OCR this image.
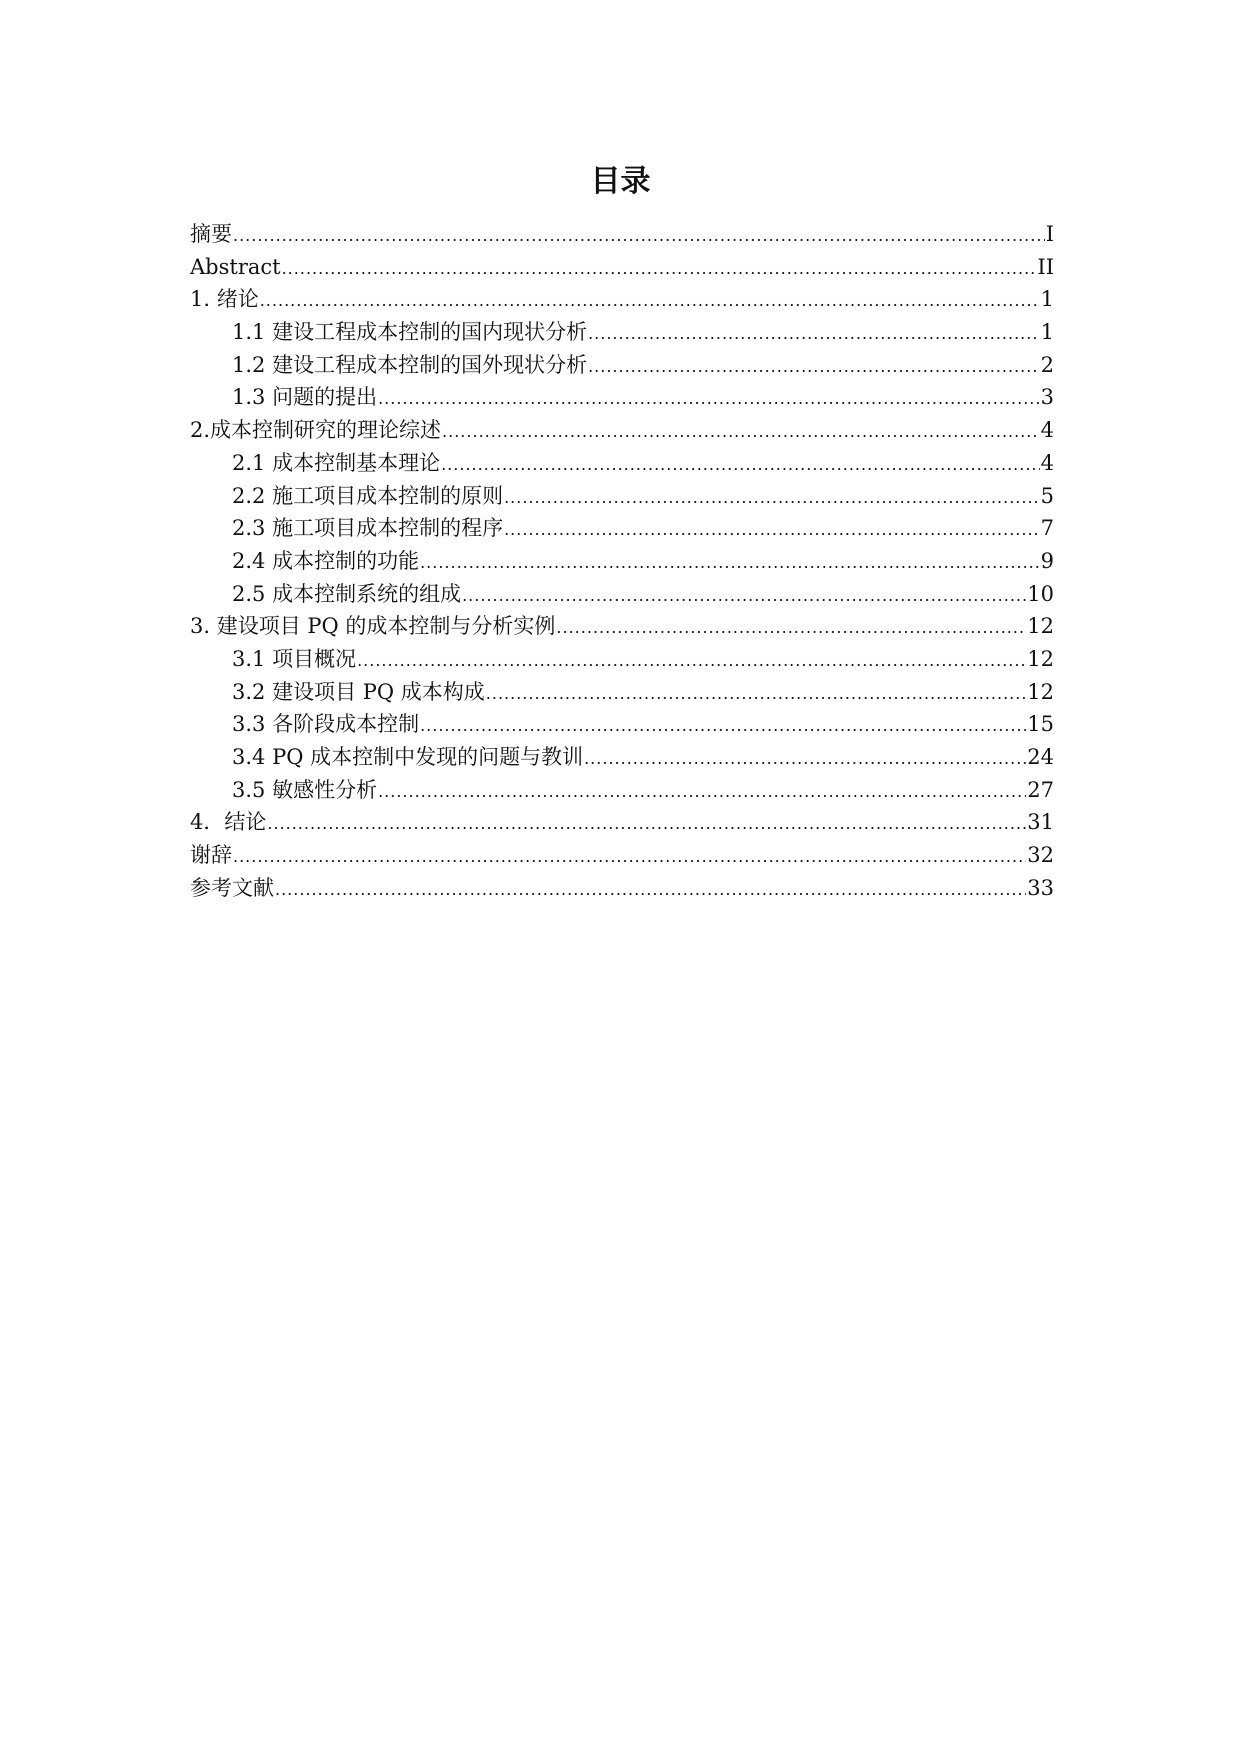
目录
摘要 .....	I
Abstract .....	II
1. 绪论 .....	1
1.1 建设工程成本控制的国内现状分析 .....	1
1.2 建设工程成本控制的国外现状分析 .....	2
1.3 问题的提出 .....	3
2.成本控制研究的理论综述 .....	4
2.1 成本控制基本理论 .....	4
2.2 施工项目成本控制的原则 .....	5
2.3 施工项目成本控制的程序 .....	7
2.4 成本控制的功能 .....	9
2.5 成本控制系统的组成 .....	10
3. 建设项目 PQ 的成本控制与分析实例 .....	12
3.1 项目概况 .....	12
3.2 建设项目 PQ 成本构成 .....	12
3.3 各阶段成本控制 .....	15
3.4 PQ 成本控制中发现的问题与教训 .....	24
3.5 敏感性分析 .....	27
4．结论 .....	31
谢辞 .....	32
参考文献 .....	33
